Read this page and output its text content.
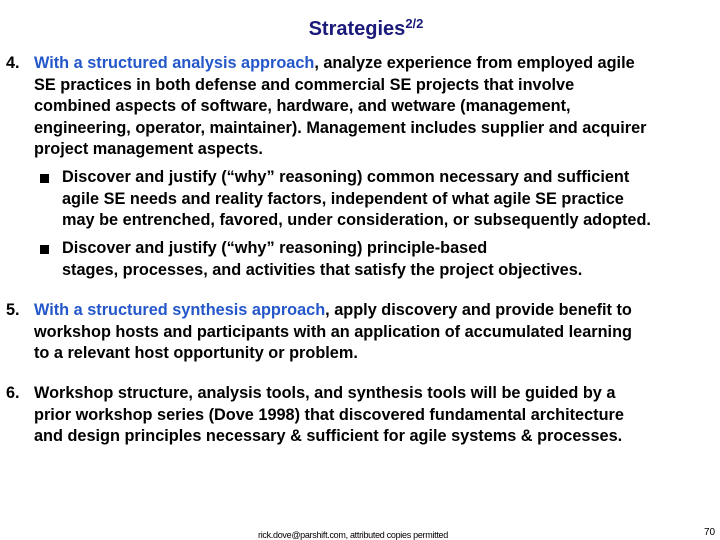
Strategies$^{2/2}$
4. With a structured analysis approach, analyze experience from employed agile
SE practices in both defense and commercial SE projects that involve
combined aspects of software, hardware, and wetware (management,
engineering, operator, maintainer). Management includes supplier and acquirer
project management aspects.
Discover and justify (“why” reasoning) common necessary and sufficient
agile SE needs and reality factors, independent of what agile SE practice
may be entrenched, favored, under consideration, or subsequently adopted.
Discover and justify (“why” reasoning) principle-based
stages, processes, and activities that satisfy the project objectives.
5. With a structured synthesis approach, apply discovery and provide benefit to
workshop hosts and participants with an application of accumulated learning
to a relevant host opportunity or problem.
6. Workshop structure, analysis tools, and synthesis tools will be guided by a
prior workshop series (Dove 1998) that discovered fundamental architecture
and design principles necessary & sufficient for agile systems & processes.
rick.dove@parshift.com, attributed copies permitted	70
